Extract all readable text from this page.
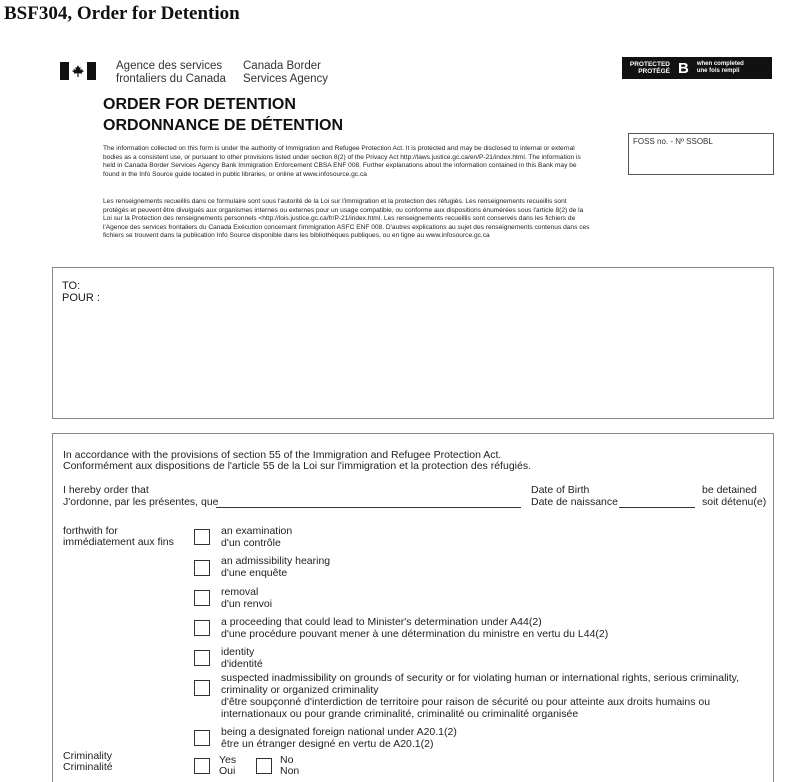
BSF304, Order for Detention
Agence des services
frontaliers du Canada
Canada Border
Services Agency
PROTECTED
PROTÉGÉ B when completed
une fois rempli
ORDER FOR DETENTION
ORDONNANCE DE DÉTENTION
FOSS no. - Nº SSOBL
The information collected on this form is under the authority of Immigration and Refugee Protection Act. It is protected and may be disclosed to internal or external bodies as a consistent use, or pursuant to other provisions listed under section 8(2) of the Privacy Act http://laws.justice.gc.ca/en/P-21/index.html. The information is held in Canada Border Services Agency Bank Immigration Enforcement CBSA ENF 008. Further explanations about the information contained in this Bank may be found in the Info Source guide located in public libraries, or online at www.infosource.gc.ca
Les renseignements recueillis dans ce formulaire sont sous l'autorité de la Loi sur l'immigration et la protection des réfugiés. Les renseignements recueillis sont protégés et peuvent être divulgués aux organismes internes ou externes pour un usage compatible, ou conforme aux dispositions énumérées sous l'article 8(2) de la Loi sur la Protection des renseignements personnels <http://lois.justice.gc.ca/fr/P-21/index.html. Les renseignements recueillis sont conservés dans les fichiers de l'Agence des services frontaliers du Canada Exécution concernant l'immigration ASFC ENF 008. D'autres explications au sujet des renseignements contenus dans ces fichiers se trouvent dans la publication Info Source disponible dans les bibliothèques publiques, ou en ligne au www.infosource.gc.ca
TO:
POUR :
In accordance with the provisions of section 55 of the Immigration and Refugee Protection Act.
Conformément aux dispositions de l'article 55 de la Loi sur l'immigration et la protection des réfugiés.
I hereby order that
J'ordonne, par les présentes, que
Date of Birth
Date de naissance
be detained
soit détenu(e)
forthwith for
immédiatement aux fins
an examination
d'un contrôle
an admissibility hearing
d'une enquête
removal
d'un renvoi
a proceeding that could lead to Minister's determination under A44(2)
d'une procédure pouvant mener à une détermination du ministre en vertu du L44(2)
identity
d'identité
suspected inadmissibility on grounds of security or for violating human or international rights, serious criminality, criminality or organized criminality
d'être soupçonné d'interdiction de territoire pour raison de sécurité ou pour atteinte aux droits humains ou internationaux ou pour grande criminalité, criminalité ou criminalité organisée
being a designated foreign national under A20.1(2)
être un étranger designé en vertu de A20.1(2)
Criminality
Criminalité
Yes
Oui
No
Non
